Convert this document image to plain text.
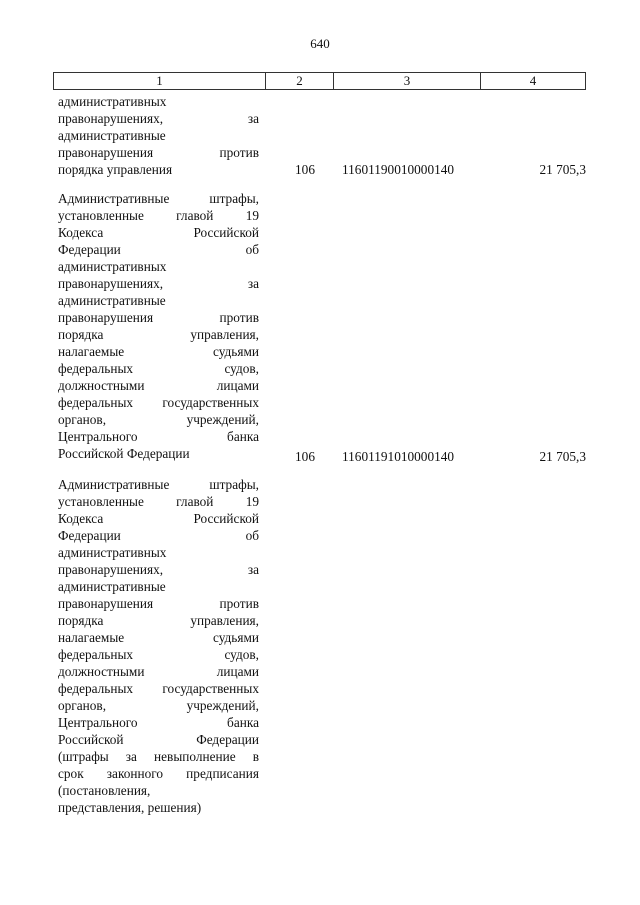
640
1	2	3	4
административных
правонарушениях,          за
административные
правонарушения      против
порядка управления	106	11601190010000140	21 705,3
Административные штрафы,
установленные главой 19
Кодекса Российской
Федерации об
административных
правонарушениях,          за
административные
правонарушения      против
порядка управления,
налагаемые судьями
федеральных судов,
должностными лицами
федеральных государственных
органов, учреждений,
Центрального банка
Российской Федерации	106	11601191010000140	21 705,3
Административные штрафы,
установленные главой 19
Кодекса Российской
Федерации об
административных
правонарушениях,          за
административные
правонарушения      против
порядка управления,
налагаемые судьями
федеральных судов,
должностными лицами
федеральных государственных
органов, учреждений,
Центрального банка
Российской Федерации
(штрафы за невыполнение в
срок законного предписания
(постановления,
представления, решения)
